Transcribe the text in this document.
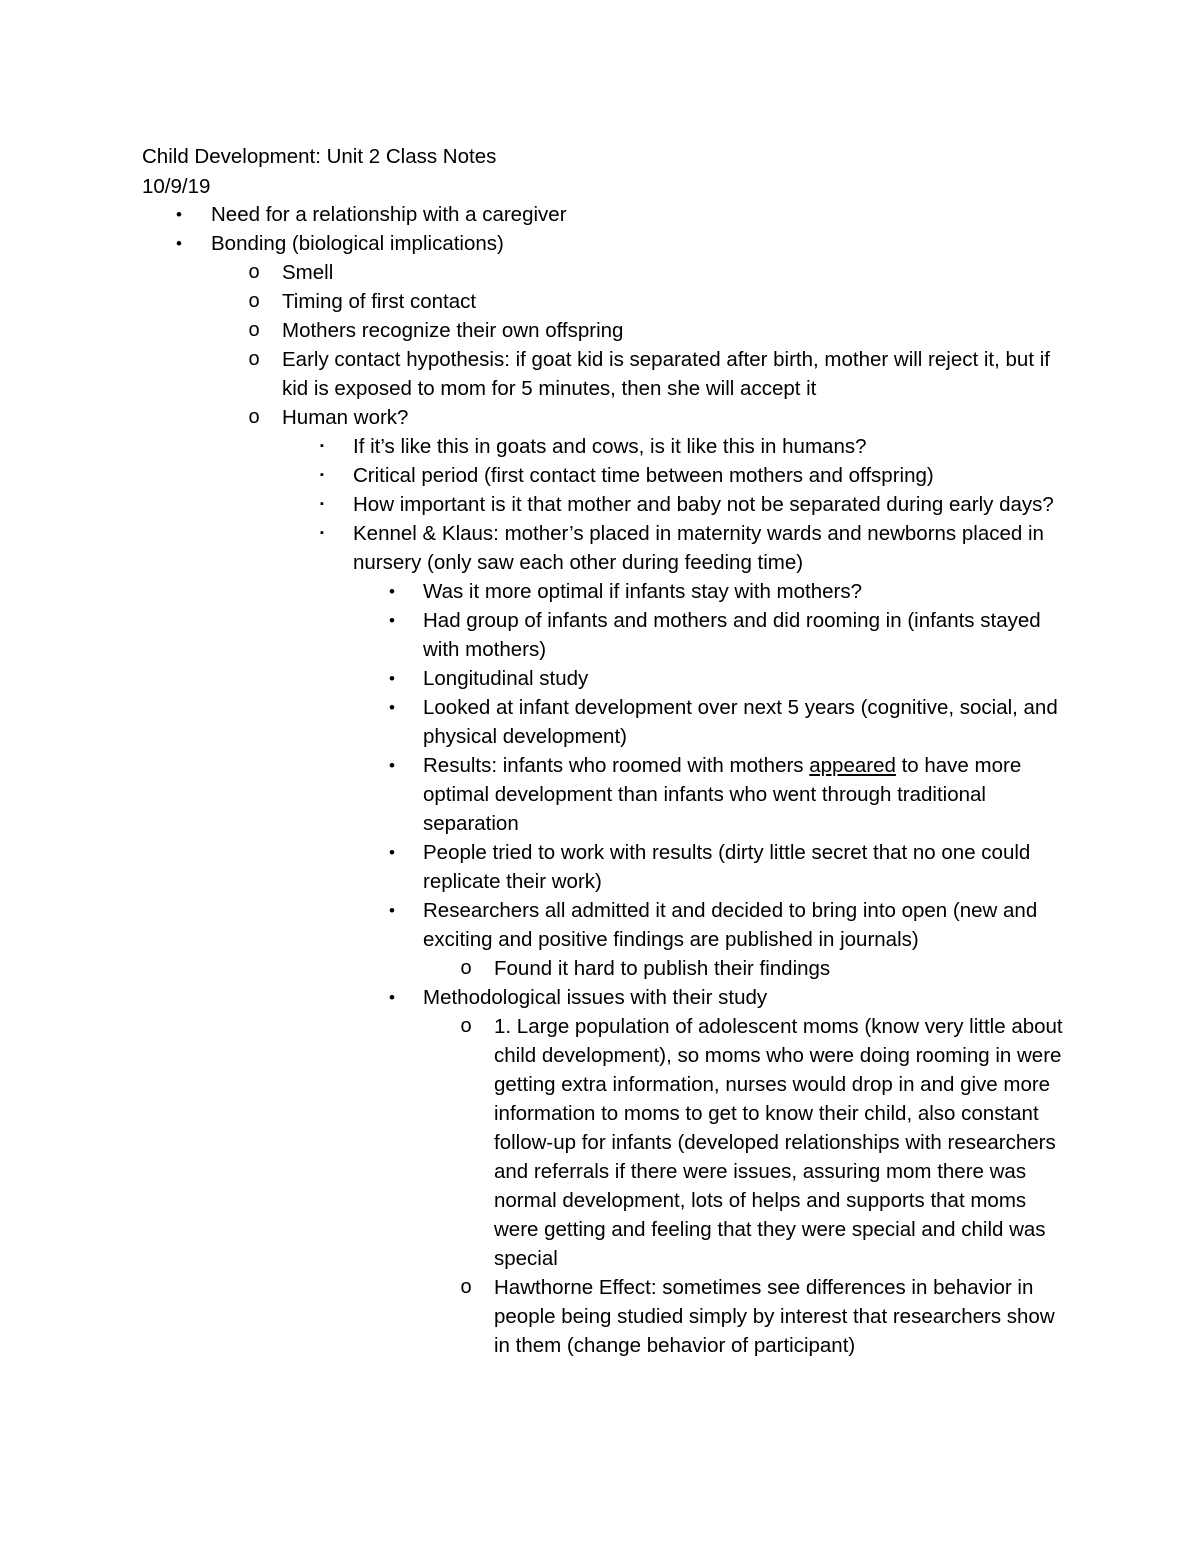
Child Development: Unit 2 Class Notes
10/9/19
• Need for a relationship with a caregiver
• Bonding (biological implications)
o Smell
o Timing of first contact
o Mothers recognize their own offspring
o Early contact hypothesis: if goat kid is separated after birth, mother will reject it, but if kid is exposed to mom for 5 minutes, then she will accept it
o Human work?
▪ If it’s like this in goats and cows, is it like this in humans?
▪ Critical period (first contact time between mothers and offspring)
▪ How important is it that mother and baby not be separated during early days?
▪ Kennel & Klaus: mother’s placed in maternity wards and newborns placed in nursery (only saw each other during feeding time)
• Was it more optimal if infants stay with mothers?
• Had group of infants and mothers and did rooming in (infants stayed with mothers)
• Longitudinal study
• Looked at infant development over next 5 years (cognitive, social, and physical development)
• Results: infants who roomed with mothers appeared to have more optimal development than infants who went through traditional separation
• People tried to work with results (dirty little secret that no one could replicate their work)
• Researchers all admitted it and decided to bring into open (new and exciting and positive findings are published in journals)
o Found it hard to publish their findings
• Methodological issues with their study
o 1. Large population of adolescent moms (know very little about child development), so moms who were doing rooming in were getting extra information, nurses would drop in and give more information to moms to get to know their child, also constant follow-up for infants (developed relationships with researchers and referrals if there were issues, assuring mom there was normal development, lots of helps and supports that moms were getting and feeling that they were special and child was special
o Hawthorne Effect: sometimes see differences in behavior in people being studied simply by interest that researchers show in them (change behavior of participant)
